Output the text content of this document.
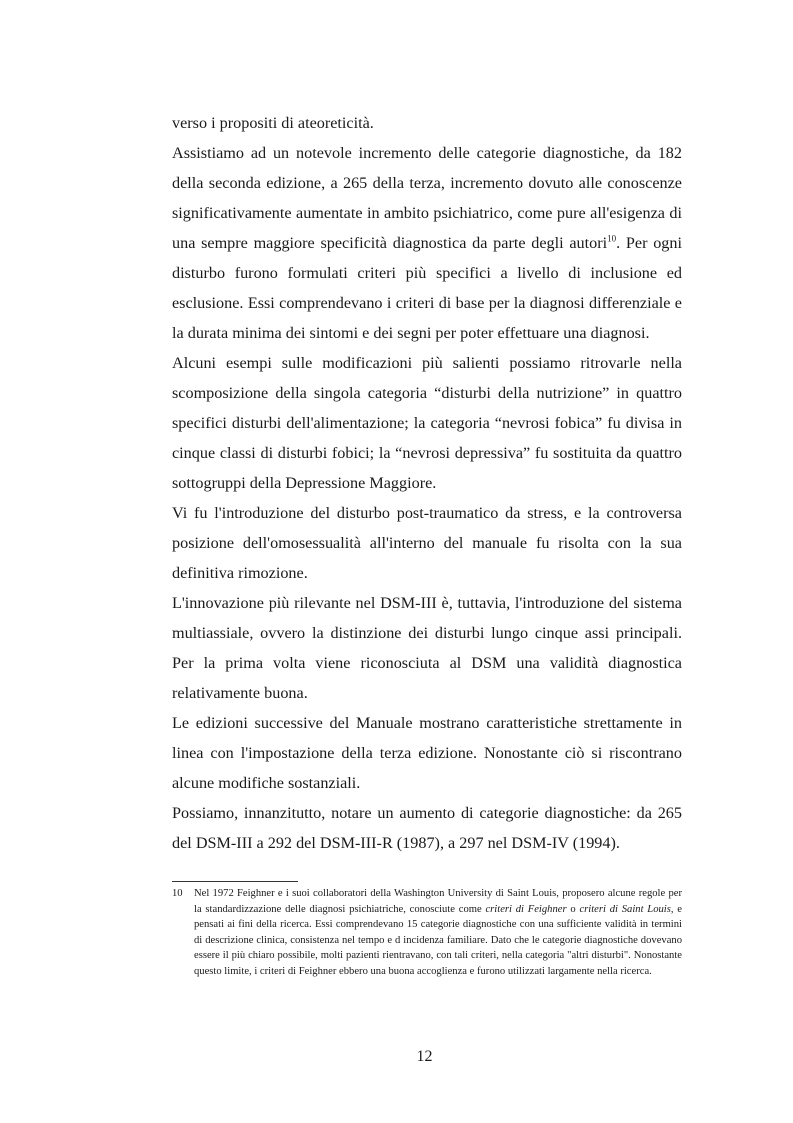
verso i propositi di ateoreticità.

Assistiamo ad un notevole incremento delle categorie diagnostiche, da 182 della seconda edizione, a 265 della terza, incremento dovuto alle conoscenze significativamente aumentate in ambito psichiatrico, come pure all'esigenza di una sempre maggiore specificità diagnostica da parte degli autori$^{10}$. Per ogni disturbo furono formulati criteri più specifici a livello di inclusione ed esclusione. Essi comprendevano i criteri di base per la diagnosi differenziale e la durata minima dei sintomi e dei segni per poter effettuare una diagnosi.

Alcuni esempi sulle modificazioni più salienti possiamo ritrovarle nella scomposizione della singola categoria “disturbi della nutrizione” in quattro specifici disturbi dell'alimentazione; la categoria “nevrosi fobica” fu divisa in cinque classi di disturbi fobici; la “nevrosi depressiva” fu sostituita da quattro sottogruppi della Depressione Maggiore.

Vi fu l'introduzione del disturbo post-traumatico da stress, e la controversa posizione dell'omosessualità all'interno del manuale fu risolta con la sua definitiva rimozione.

L'innovazione più rilevante nel DSM-III è, tuttavia, l'introduzione del sistema multiassiale, ovvero la distinzione dei disturbi lungo cinque assi principali. Per la prima volta viene riconosciuta al DSM una validità diagnostica relativamente buona.

Le edizioni successive del Manuale mostrano caratteristiche strettamente in linea con l'impostazione della terza edizione. Nonostante ciò si riscontrano alcune modifiche sostanziali.

Possiamo, innanzitutto, notare un aumento di categorie diagnostiche: da 265 del DSM-III a 292 del DSM-III-R (1987), a 297 nel DSM-IV (1994).

10	Nel 1972 Feighner e i suoi collaboratori della Washington University di Saint Louis, proposero alcune regole per la standardizzazione delle diagnosi psichiatriche, conosciute come criteri di Feighner o criteri di Saint Louis, e pensati ai fini della ricerca. Essi comprendevano 15 categorie diagnostiche con una sufficiente validità in termini di descrizione clinica, consistenza nel tempo e d incidenza familiare. Dato che le categorie diagnostiche dovevano essere il più chiaro possibile, molti pazienti rientravano, con tali criteri, nella categoria "altri disturbi". Nonostante questo limite, i criteri di Feighner ebbero una buona accoglienza e furono utilizzati largamente nella ricerca.
12
